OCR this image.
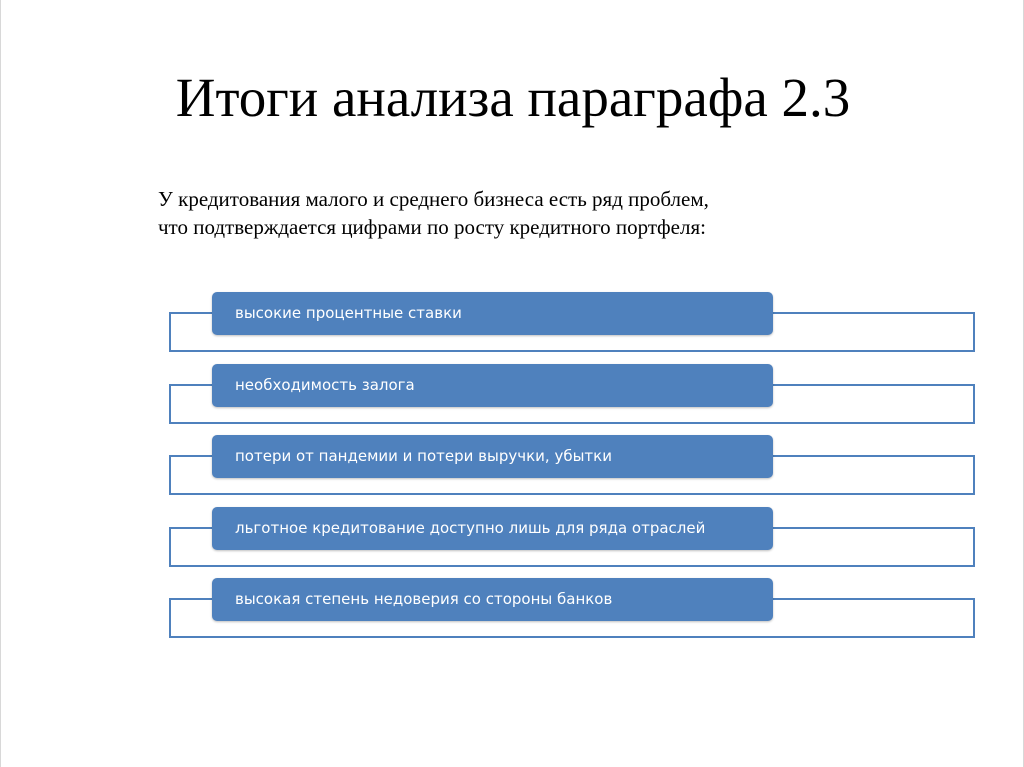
Итоги анализа параграфа 2.3
У кредитования малого и среднего бизнеса есть ряд проблем,
что подтверждается цифрами по росту кредитного портфеля:
высокие процентные ставки
необходимость залога
потери от пандемии и потери выручки, убытки
льготное кредитование доступно лишь для ряда отраслей
высокая степень недоверия со стороны банков
